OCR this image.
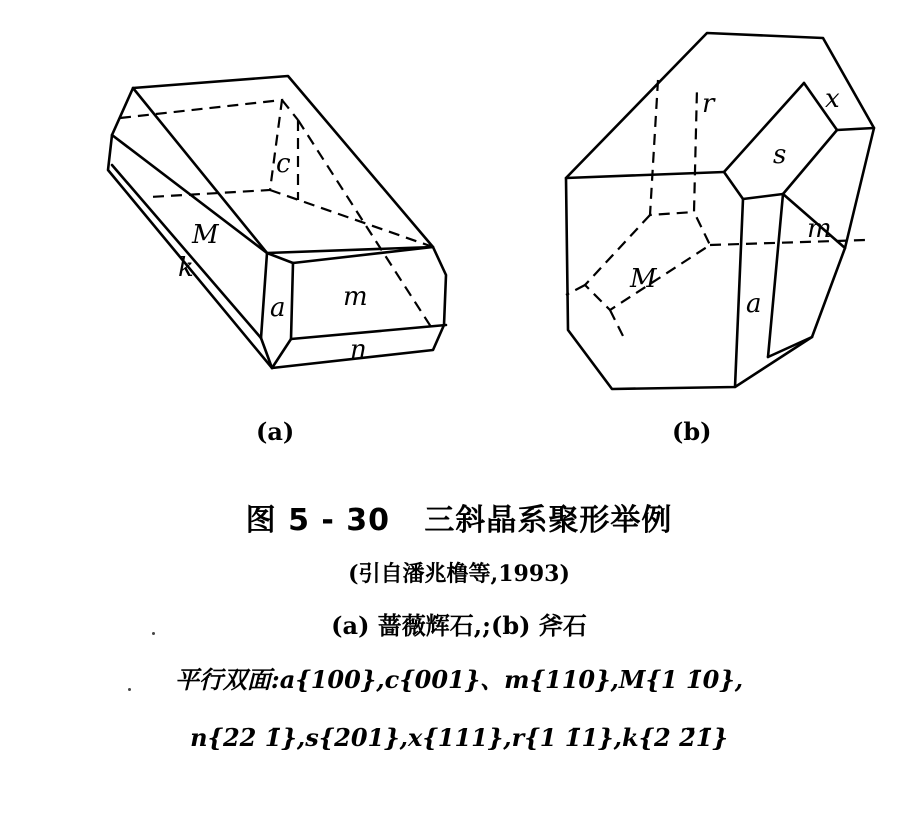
M
k
c
a m
n
(a)
r	x
s
m
M
a
(b)
图 5 - 30   三斜晶系聚形举例
(引自潘兆橹等,1993)
(a) 蔷薇辉石,;(b) 斧石
平行双面:a{100},c{001}、m{110},M{1 1̄0},
n{22 1̄},s{201},x{111},r{1 1̄1},k{2 2̄1̄}
